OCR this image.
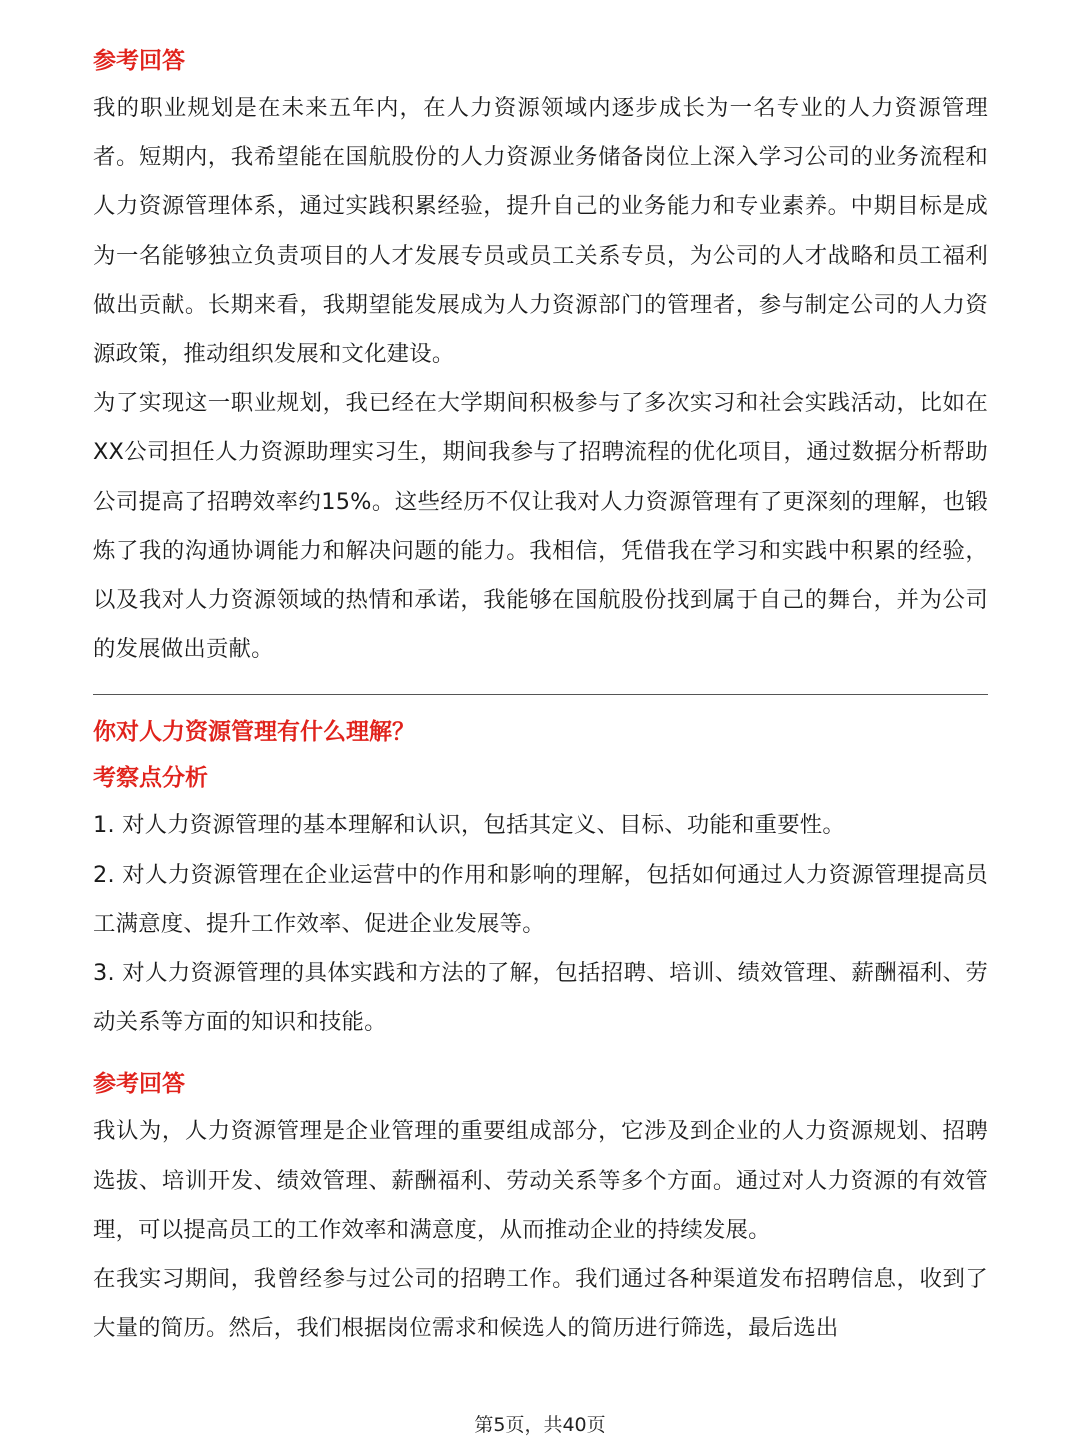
参考回答

我的职业规划是在未来五年内，在人力资源领域内逐步成长为一名专业的人力资源管理者。短期内，我希望能在国航股份的人力资源业务储备岗位上深入学习公司的业务流程和人力资源管理体系，通过实践积累经验，提升自己的业务能力和专业素养。中期目标是成为一名能够独立负责项目的人才发展专员或员工关系专员，为公司的人才战略和员工福利做出贡献。长期来看，我期望能发展成为人力资源部门的管理者，参与制定公司的人力资源政策，推动组织发展和文化建设。

为了实现这一职业规划，我已经在大学期间积极参与了多次实习和社会实践活动，比如在XX公司担任人力资源助理实习生，期间我参与了招聘流程的优化项目，通过数据分析帮助公司提高了招聘效率约15%。这些经历不仅让我对人力资源管理有了更深刻的理解，也锻炼了我的沟通协调能力和解决问题的能力。我相信，凭借我在学习和实践中积累的经验，以及我对人力资源领域的热情和承诺，我能够在国航股份找到属于自己的舞台，并为公司的发展做出贡献。

你对人力资源管理有什么理解？
考察点分析

1. 对人力资源管理的基本理解和认识，包括其定义、目标、功能和重要性。

2. 对人力资源管理在企业运营中的作用和影响的理解，包括如何通过人力资源管理提高员工满意度、提升工作效率、促进企业发展等。

3. 对人力资源管理的具体实践和方法的了解，包括招聘、培训、绩效管理、薪酬福利、劳动关系等方面的知识和技能。

参考回答

我认为，人力资源管理是企业管理的重要组成部分，它涉及到企业的人力资源规划、招聘选拔、培训开发、绩效管理、薪酬福利、劳动关系等多个方面。通过对人力资源的有效管理，可以提高员工的工作效率和满意度，从而推动企业的持续发展。

在我实习期间，我曾经参与过公司的招聘工作。我们通过各种渠道发布招聘信息，收到了大量的简历。然后，我们根据岗位需求和候选人的简历进行筛选，最后选出

第5页，共40页
